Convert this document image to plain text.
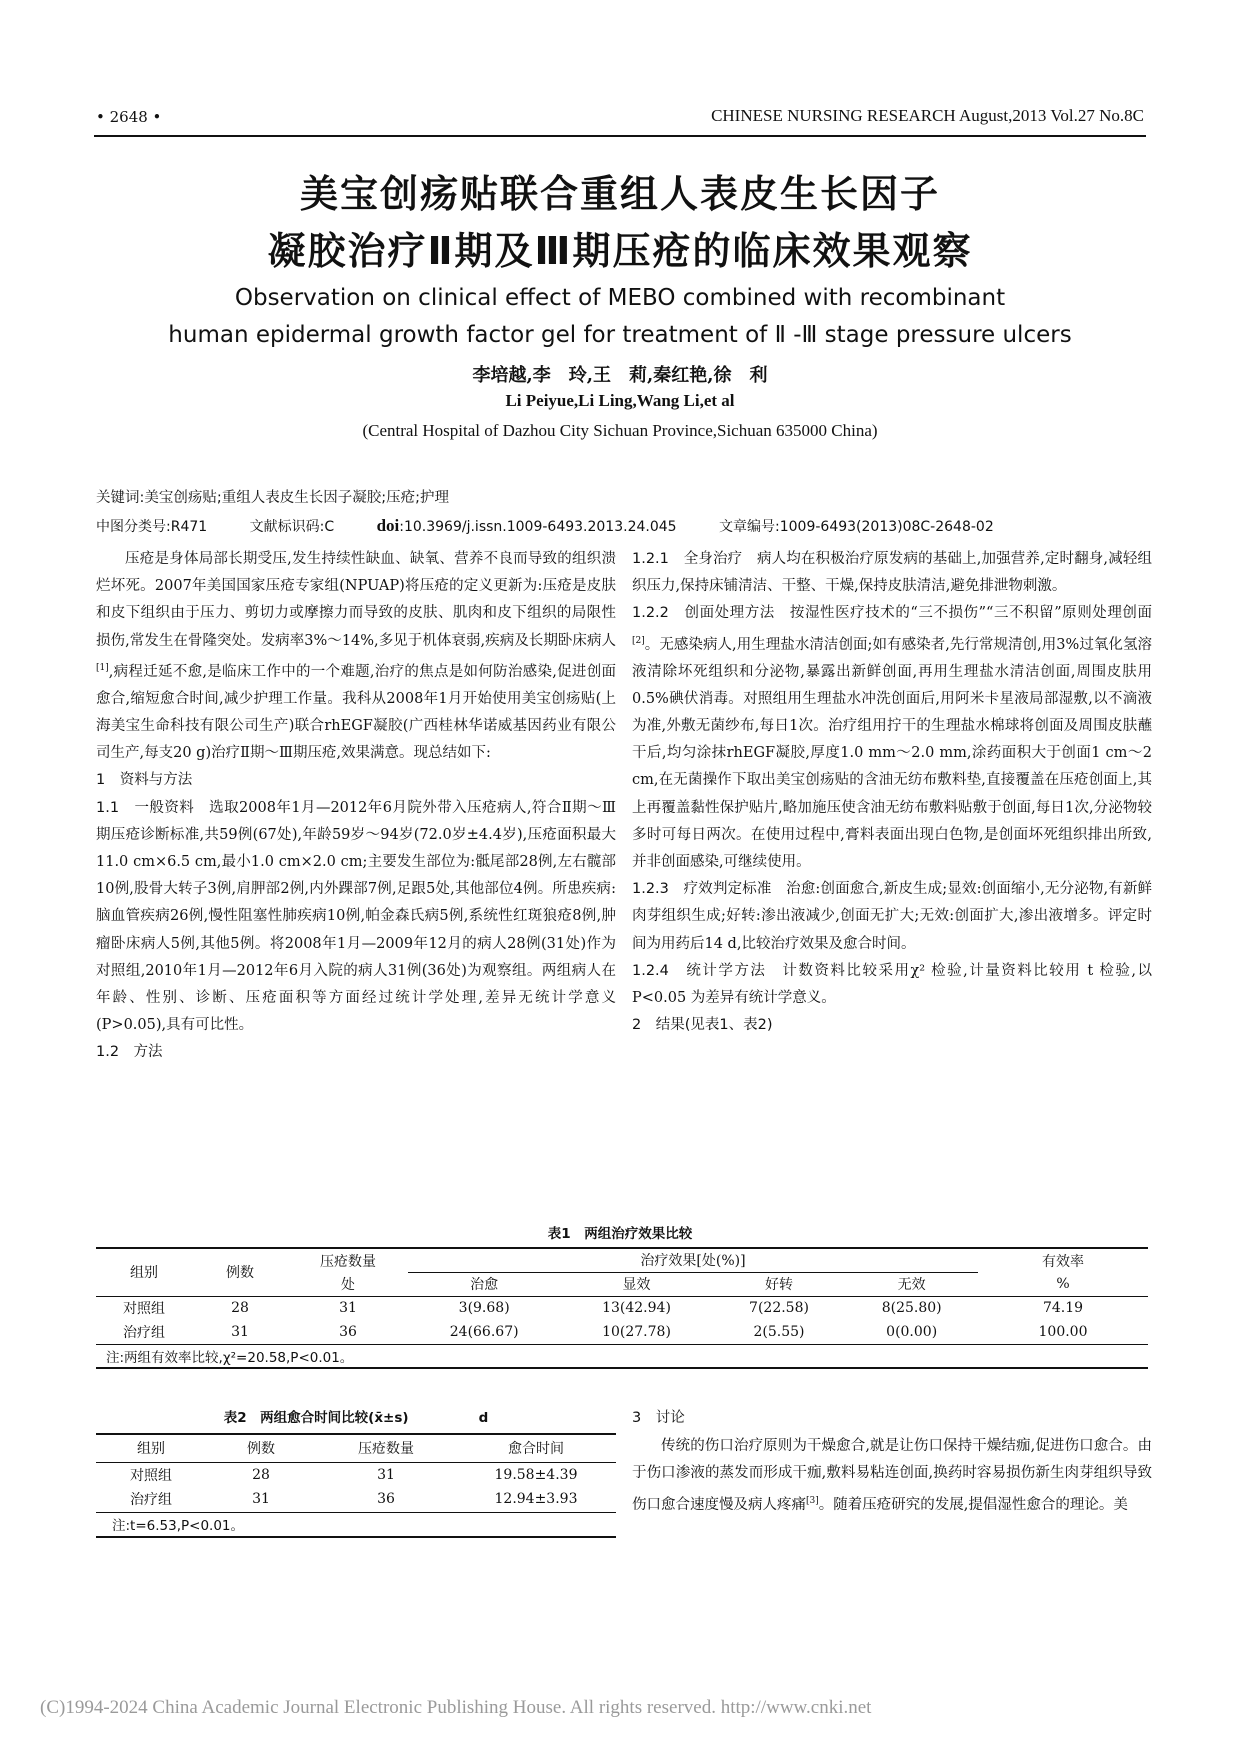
• 2648 •	CHINESE NURSING RESEARCH August,2013 Vol.27 No.8C
美宝创疡贴联合重组人表皮生长因子
凝胶治疗Ⅱ期及Ⅲ期压疮的临床效果观察
Observation on clinical effect of MEBO combined with recombinant
human epidermal growth factor gel for treatment of Ⅱ -Ⅲ stage pressure ulcers
李培越,李　玲,王　莉,秦红艳,徐　利
Li Peiyue,Li Ling,Wang Li,et al
(Central Hospital of Dazhou City Sichuan Province,Sichuan 635000 China)
关键词:美宝创疡贴;重组人表皮生长因子凝胶;压疮;护理
中图分类号:R471	文献标识码:C doi:10.3969/j.issn.1009-6493.2013.24.045	文章编号:1009-6493(2013)08C-2648-02

压疮是身体局部长期受压,发生持续性缺血、缺氧、营养不良而导致的组织溃烂坏死。2007年美国国家压疮专家组(NPUAP)将压疮的定义更新为:压疮是皮肤和皮下组织由于压力、剪切力或摩擦力而导致的皮肤、肌肉和皮下组织的局限性损伤,常发生在骨隆突处。发病率3%～14%,多见于机体衰弱,疾病及长期卧床病人[1],病程迁延不愈,是临床工作中的一个难题,治疗的焦点是如何防治感染,促进创面愈合,缩短愈合时间,减少护理工作量。我科从2008年1月开始使用美宝创疡贴(上海美宝生命科技有限公司生产)联合rhEGF凝胶(广西桂林华诺威基因药业有限公司生产,每支20 g)治疗Ⅱ期～Ⅲ期压疮,效果满意。现总结如下:

1　资料与方法

1.1　一般资料　选取2008年1月—2012年6月院外带入压疮病人,符合Ⅱ期～Ⅲ期压疮诊断标准,共59例(67处),年龄59岁～94岁(72.0岁±4.4岁),压疮面积最大11.0 cm×6.5 cm,最小1.0 cm×2.0 cm;主要发生部位为:骶尾部28例,左右髋部10例,股骨大转子3例,肩胛部2例,内外踝部7例,足跟5处,其他部位4例。所患疾病:脑血管疾病26例,慢性阻塞性肺疾病10例,帕金森氏病5例,系统性红斑狼疮8例,肿瘤卧床病人5例,其他5例。将2008年1月—2009年12月的病人28例(31处)作为对照组,2010年1月—2012年6月入院的病人31例(36处)为观察组。两组病人在年龄、性别、诊断、压疮面积等方面经过统计学处理,差异无统计学意义(P>0.05),具有可比性。

1.2　方法

1.2.1　全身治疗　病人均在积极治疗原发病的基础上,加强营养,定时翻身,减轻组织压力,保持床铺清洁、干整、干燥,保持皮肤清洁,避免排泄物刺激。

1.2.2　创面处理方法　按湿性医疗技术的“三不损伤”“三不积留”原则处理创面[2]。无感染病人,用生理盐水清洁创面;如有感染者,先行常规清创,用3%过氧化氢溶液清除坏死组织和分泌物,暴露出新鲜创面,再用生理盐水清洁创面,周围皮肤用0.5%碘伏消毒。对照组用生理盐水冲洗创面后,用阿米卡星液局部湿敷,以不滴液为准,外敷无菌纱布,每日1次。治疗组用拧干的生理盐水棉球将创面及周围皮肤蘸干后,均匀涂抹rhEGF凝胶,厚度1.0 mm～2.0 mm,涂药面积大于创面1 cm～2 cm,在无菌操作下取出美宝创疡贴的含油无纺布敷料垫,直接覆盖在压疮创面上,其上再覆盖黏性保护贴片,略加施压使含油无纺布敷料贴敷于创面,每日1次,分泌物较多时可每日两次。在使用过程中,膏料表面出现白色物,是创面坏死组织排出所致,并非创面感染,可继续使用。

1.2.3　疗效判定标准　治愈:创面愈合,新皮生成;显效:创面缩小,无分泌物,有新鲜肉芽组织生成;好转:渗出液减少,创面无扩大;无效:创面扩大,渗出液增多。评定时间为用药后14 d,比较治疗效果及愈合时间。

1.2.4　统计学方法　计数资料比较采用χ² 检验,计量资料比较用 t 检验,以 P<0.05 为差异有统计学意义。

2　结果(见表1、表2)

表1　两组治疗效果比较
组别	例数	压疮数量	治疗效果[处(%)]				有效率
		处	治愈	显效	好转	无效	%
对照组	28	31	3(9.68)	13(42.94)	7(22.58)	8(25.80)	74.19
治疗组	31	36	24(66.67)	10(27.78)	2(5.55)	0(0.00)	100.00
注:两组有效率比较,χ²=20.58,P<0.01。							
表2　两组愈合时间比较(x̄±s)	d
组别	例数	压疮数量	愈合时间
对照组	28	31	19.58±4.39
治疗组	31	36	12.94±3.93
注:t=6.53,P<0.01。			

3　讨论

传统的伤口治疗原则为干燥愈合,就是让伤口保持干燥结痂,促进伤口愈合。由于伤口渗液的蒸发而形成干痂,敷料易粘连创面,换药时容易损伤新生肉芽组织导致伤口愈合速度慢及病人疼痛[3]。随着压疮研究的发展,提倡湿性愈合的理论。美

(C)1994-2024 China Academic Journal Electronic Publishing House. All rights reserved. http://www.cnki.net
